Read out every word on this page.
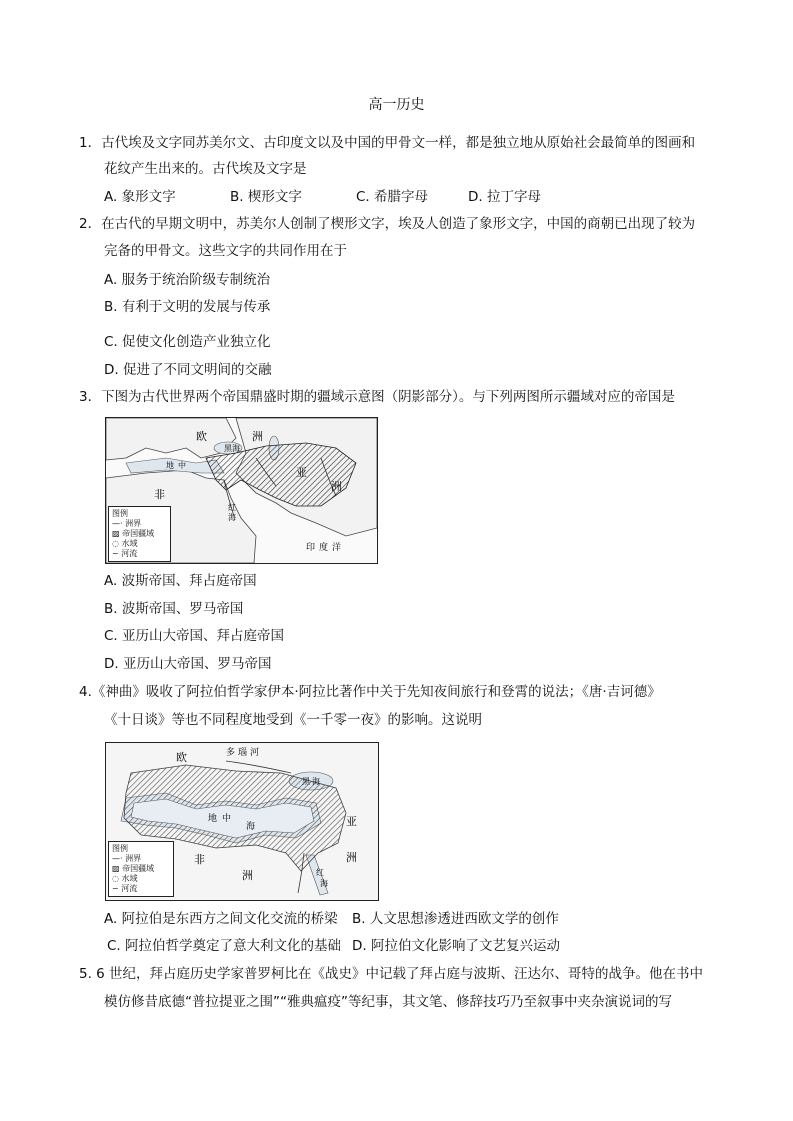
高一历史
1．古代埃及文字同苏美尔文、古印度文以及中国的甲骨文一样，都是独立地从原始社会最简单的图画和
花纹产生出来的。古代埃及文字是
A. 象形文字	B. 楔形文字	C. 希腊字母	D. 拉丁字母
2．在古代的早期文明中，苏美尔人创制了楔形文字，埃及人创造了象形文字，中国的商朝已出现了较为
完备的甲骨文。这些文字的共同作用在于
A. 服务于统治阶级专制统治
B. 有利于文明的发展与传承
C. 促使文化创造产业独立化
D. 促进了不同文明间的交融
3．下图为古代世界两个帝国鼎盛时期的疆域示意图（阴影部分）。与下列两图所示疆域对应的帝国是
欧	洲
非
亚
洲
印 度 洋
黑 海
地 中
红
海
图例
—· 洲界
▨ 帝国疆域
◌ 水域
~ 河流
A. 波斯帝国、拜占庭帝国
B. 波斯帝国、罗马帝国
C. 亚历山大帝国、拜占庭帝国
D. 亚历山大帝国、罗马帝国
4.《神曲》吸收了阿拉伯哲学家伊本·阿拉比著作中关于先知夜间旅行和登霄的说法；《唐·吉诃德》
《十日谈》等也不同程度地受到《一千零一夜》的影响。这说明
欧	多 瑙 河
黑 海
地 中
海	亚
非
洲
洲
红
海
图例
—· 洲界
▨ 帝国疆域
◌ 水域
~ 河流
A. 阿拉伯是东西方之间文化交流的桥梁 B. 人文思想渗透进西欧文学的创作
C. 阿拉伯哲学奠定了意大利文化的基础 D. 阿拉伯文化影响了文艺复兴运动
5. 6 世纪，拜占庭历史学家普罗柯比在《战史》中记载了拜占庭与波斯、汪达尔、哥特的战争。他在书中
模仿修昔底德“普拉提亚之围”“雅典瘟疫”等纪事，其文笔、修辞技巧乃至叙事中夹杂演说词的写
